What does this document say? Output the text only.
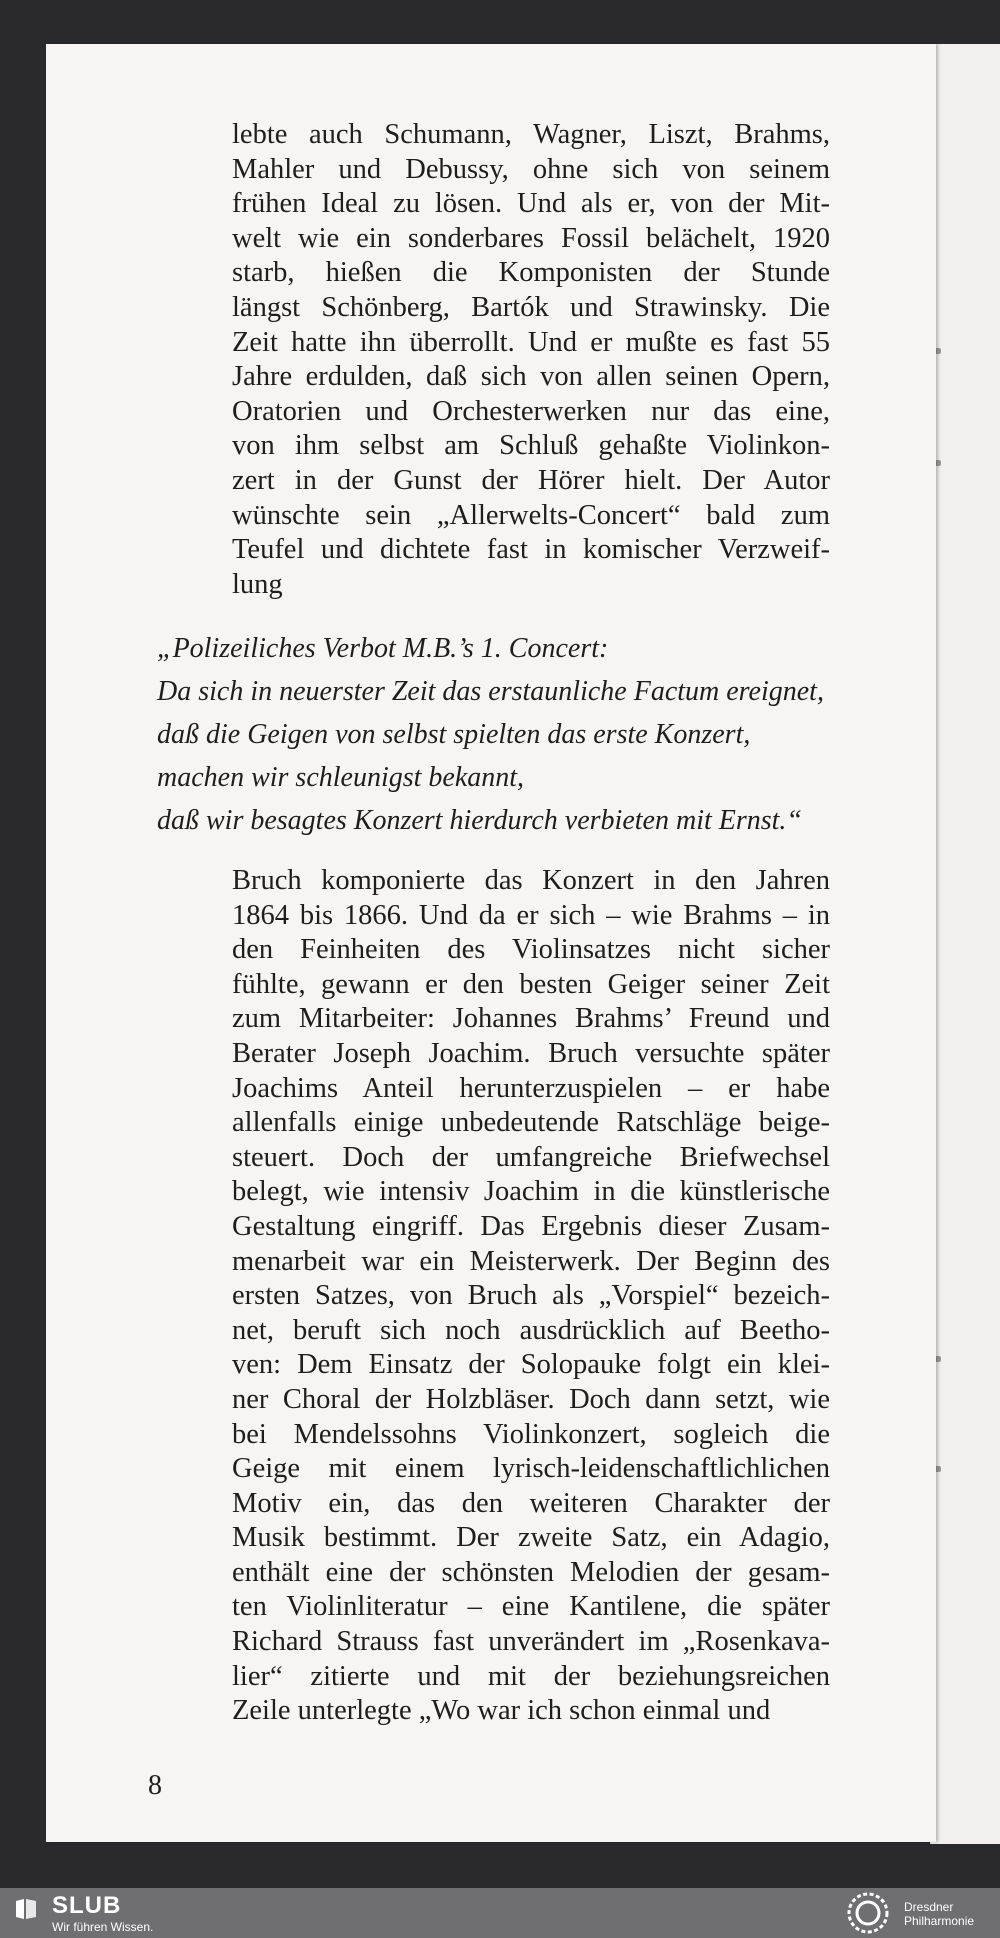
lebte auch Schumann, Wagner, Liszt, Brahms,
Mahler und Debussy, ohne sich von seinem
frühen Ideal zu lösen. Und als er, von der Mit-
welt wie ein sonderbares Fossil belächelt, 1920
starb, hießen die Komponisten der Stunde
längst Schönberg, Bartók und Strawinsky. Die
Zeit hatte ihn überrollt. Und er mußte es fast 55
Jahre erdulden, daß sich von allen seinen Opern,
Oratorien und Orchesterwerken nur das eine,
von ihm selbst am Schluß gehaßte Violinkon-
zert in der Gunst der Hörer hielt. Der Autor
wünschte sein „Allerwelts-Concert“ bald zum
Teufel und dichtete fast in komischer Verzweif-
lung
„Polizeiliches Verbot M.B.’s 1. Concert:
Da sich in neuerster Zeit das erstaunliche Factum ereignet,
daß die Geigen von selbst spielten das erste Konzert,
machen wir schleunigst bekannt,
daß wir besagtes Konzert hierdurch verbieten mit Ernst.“
Bruch komponierte das Konzert in den Jahren
1864 bis 1866. Und da er sich – wie Brahms – in
den Feinheiten des Violinsatzes nicht sicher
fühlte, gewann er den besten Geiger seiner Zeit
zum Mitarbeiter: Johannes Brahms’ Freund und
Berater Joseph Joachim. Bruch versuchte später
Joachims Anteil herunterzuspielen – er habe
allenfalls einige unbedeutende Ratschläge beige-
steuert. Doch der umfangreiche Briefwechsel
belegt, wie intensiv Joachim in die künstlerische
Gestaltung eingriff. Das Ergebnis dieser Zusam-
menarbeit war ein Meisterwerk. Der Beginn des
ersten Satzes, von Bruch als „Vorspiel“ bezeich-
net, beruft sich noch ausdrücklich auf Beetho-
ven: Dem Einsatz der Solopauke folgt ein klei-
ner Choral der Holzbläser. Doch dann setzt, wie
bei Mendelssohns Violinkonzert, sogleich die
Geige mit einem lyrisch-leidenschaftlichlichen
Motiv ein, das den weiteren Charakter der
Musik bestimmt. Der zweite Satz, ein Adagio,
enthält eine der schönsten Melodien der gesam-
ten Violinliteratur – eine Kantilene, die später
Richard Strauss fast unverändert im „Rosenkava-
lier“ zitierte und mit der beziehungsreichen
Zeile unterlegte „Wo war ich schon einmal und
8
SLUB
Wir führen Wissen.
Dresdner
Philharmonie
